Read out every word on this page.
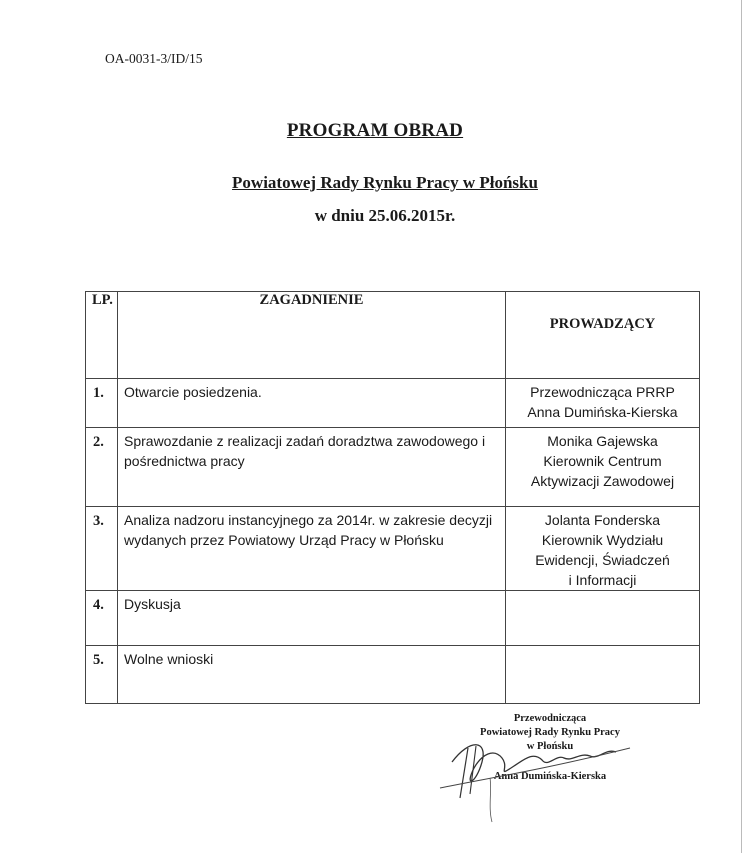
OA-0031-3/ID/15
PROGRAM OBRAD
Powiatowej Rady Rynku Pracy w Płońsku
w dniu 25.06.2015r.
LP.	ZAGADNIENIE	PROWADZĄCY
1.	Otwarcie posiedzenia.	Przewodnicząca PRRP
Anna Dumińska-Kierska

2.	Sprawozdanie z realizacji zadań doradztwa zawodowego i pośrednictwa pracy	Monika Gajewska
Kierownik Centrum
Aktywizacji Zawodowej

3.	Analiza nadzoru instancyjnego za 2014r. w zakresie decyzji wydanych przez Powiatowy Urząd Pracy w Płońsku	Jolanta Fonderska
Kierownik Wydziału
Ewidencji, Świadczeń
i Informacji

4.	Dyskusja	
5.	Wolne wnioski	
Przewodnicząca
Powiatowej Rady Rynku Pracy
w Płońsku
Anna Dumińska-Kierska
